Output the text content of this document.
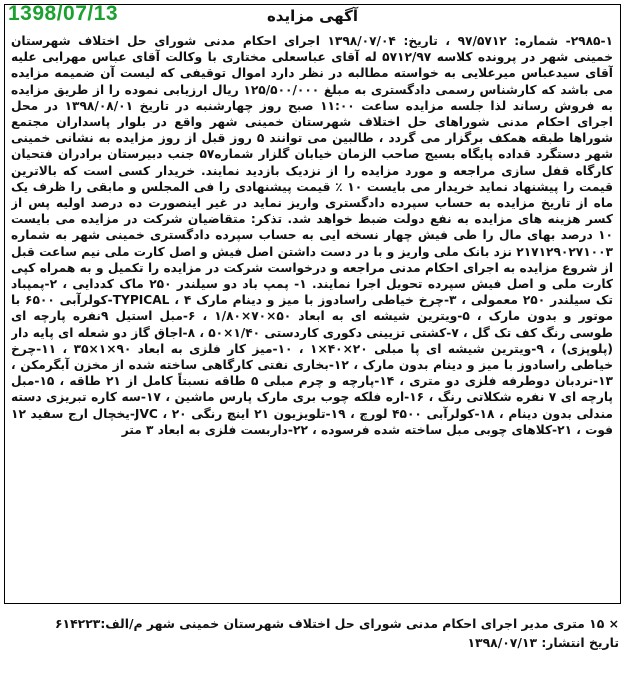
1398/07/13	آگهی مزایده
۲۹۸۵-۱- شماره: ۹۷/۵۷۱۲ ، تاریخ: ۱۳۹۸/۰۷/۰۴ اجرای احکام مدنی شورای حل اختلاف شهرستان خمینی شهر در پرونده کلاسه ۵۷۱۲/۹۷ له آقای عباسعلی مختاری با وکالت آقای عباس مهرابی علیه آقای سیدعباس میرعلایی به خواسته مطالبه در نظر دارد اموال توقیفی که لیست آن ضمیمه مزایده می باشد که کارشناس رسمی دادگستری به مبلغ ۱۲۵/۵۰۰/۰۰۰ ریال ارزیابی نموده را از طریق مزایده به فروش رساند لذا جلسه مزایده ساعت ۱۱:۰۰ صبح روز چهارشنبه در تاریخ ۱۳۹۸/۰۸/۰۱ در محل اجرای احکام مدنی شوراهای حل اختلاف شهرستان خمینی شهر واقع در بلوار پاسداران مجتمع شوراها طبقه همکف برگزار می گردد ، طالبین می توانند ۵ روز قبل از روز مزایده به نشانی خمینی شهر دستگرد قداده پایگاه بسیج صاحب الزمان خیابان گلزار شماره۵۷ جنب دبیرستان برادران فتحیان کارگاه قفل سازی مراجعه و مورد مزایده را از نزدیک بازدید نمایند. خریدار کسی است که بالاترین قیمت را پیشنهاد نماید خریدار می بایست ۱۰ ٪ قیمت پیشنهادی را فی المجلس و مابقی را ظرف یک ماه از تاریخ مزایده به حساب سپرده دادگستری واریز نماید در غیر اینصورت ده درصد اولیه پس از کسر هزینه های مزایده به نفع دولت ضبط خواهد شد. تذکر: متقاضیان شرکت در مزایده می بایست ۱۰ درصد بهای مال را طی فیش چهار نسخه ایی به حساب سپرده دادگستری خمینی شهر به شماره ۲۱۷۱۲۹۰۲۷۱۰۰۳ نزد بانک ملی واریز و با در دست داشتن اصل فیش و اصل کارت ملی نیم ساعت قبل از شروع مزایده به اجرای احکام مدنی مراجعه و درخواست شرکت در مزایده را تکمیل و به همراه کپی کارت ملی و اصل فیش سپرده تحویل اجرا نمایند. ۱- پمپ باد دو سیلندر ۲۵۰ ماک کددایی ، ۲-پمپباد تک سیلندر ۲۵۰ معمولی ، ۳-چرخ خیاطی راسادوز با میز و دینام مارک TYPICAL ، ۴-کولرآبی ۶۵۰۰ با موتور و بدون مارک ، ۵-ویترین شیشه ای به ابعاد ۵۰×۷۰×۱/۸۰ ، ۶-مبل استیل ۹نفره پارچه ای طوسی رنگ کف تک گل ، ۷-کشتی تزیینی دکوری کاردستی ۱/۴۰×۵۰ ، ۸-اجاق گاز دو شعله ای پایه دار (پلوپزی) ، ۹-ویترین شیشه ای پا مبلی ۲۰×۴۰×۱ ، ۱۰-میز کار فلزی به ابعاد ۹۰×۱×۳۵ ، ۱۱-چرخ خیاطی راسادوز با میز و دینام بدون مارک ، ۱۲-بخاری نفتی کارگاهی ساخته شده از مخزن آبگرمکن ، ۱۳-نردبان دوطرفه فلزی دو متری ، ۱۴-پارچه و چرم مبلی ۵ طاقه نسبتاً کامل از ۲۱ طاقه ، ۱۵-مبل پارچه ای ۷ نفره شکلاتی رنگ ، ۱۶-اره فلکه چوب بری مارک پارس ماشین ، ۱۷-سه کاره تبریزی دسته مندلی بدون دینام ، ۱۸-کولرآبی ۴۵۰۰ لورچ ، ۱۹-تلویزیون ۲۱ اینچ رنگی JVC ، ۲۰-یخچال ارج سفید ۱۲ فوت ، ۲۱-کلاهای چوبی مبل ساخته شده فرسوده ، ۲۲-داربست فلزی به ابعاد ۳ متر
× ۱۵ متری مدیر اجرای احکام مدنی شورای حل اختلاف شهرستان خمینی شهر م/الف:۶۱۴۲۲۳
تاریخ انتشار: ۱۳۹۸/۰۷/۱۳
